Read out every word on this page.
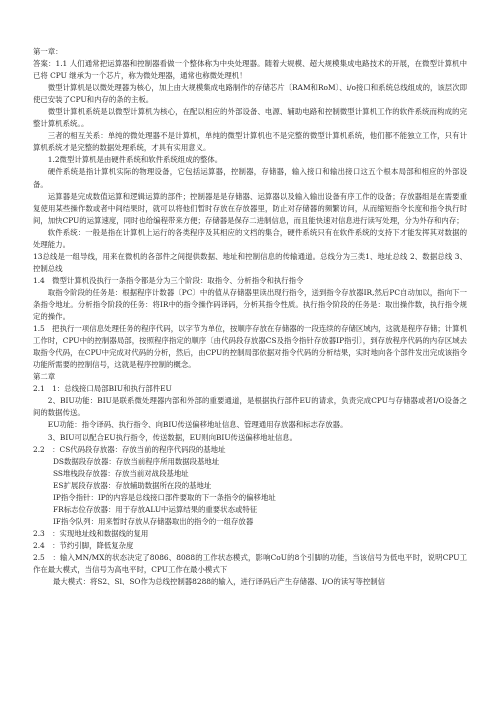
第一章：

答案：1.1 人们通常把运算器和控制器看做一个整体称为中央处理器。随着大规模、超大规模集成电路技术的开展，在微型计算机中已将 CPU 继承为一个芯片，称为微处理器，通常也称微处理机！

微型计算机是以微处理器为核心，加上由大规模集成电路制作的存储芯片〔RAM和RoM〕、i/o接口和系统总线组成的，该层次即使已安装了CPU和内存的条的主板。

微型计算机系统是以微型计算机为核心，在配以相应的外部设备、电源、辅助电路和控制微型计算机工作的软件系统而构成的完整计算机系统。。

三者的相互关系：单纯的微处理器不是计算机，单纯的微型计算机也不是完整的微型计算机系统，他们都不能独立工作，只有计算机系统才是完整的数据处理系统，才具有实用意义。

1.2微型计算机是由硬件系统和软件系统组成的整体。

硬件系统是指计算机实际的物理设备，它包括运算器，控制器，存储器，输入接口和输出接口这五个根本局部和相应的外部设备。

运算器是完成数值运算和逻辑运算的部件；控制器是是存储器、运算器以及输入输出设备有序工作的设备；存放器组是在需要重复使用某些操作数或者中间结果时，就可以将他们暂时存放在存放器里，防止对存储器的频繁访问，从而缩短指令长度和指令执行时间，加快CPU的运算速度，同时也给编程带来方便；存储器是保存二进制信息，而且能快速对信息进行读写处理，分为外存和内存；

软件系统：一般是指在计算机上运行的各类程序及其相应的文档的集合，硬件系统只有在软件系统的支持下才能发挥其对数据的处理能力。

13总线是一组导线，用来在微机的各部件之间提供数据、地址和控制信息的传输通道。总线分为三类1、地址总线 2、数据总线 3、控制总线

1.4　微型计算机没执行一条指令都是分为三个阶段：取指令、分析指令和执行指令

取指令阶段的任务是：根据程序计数器〔PC〕中的值从存储器里读出现行指令，送到指令存放器IR,然后PC自动加以，指向下一条指令地址。分析指令阶段的任务：将IR中的指令操作码译码，分析其指令性质。执行指令阶段的任务是：取出操作数，执行指令规定的操作。

1.5　把执行一项信息处理任务的程序代码，以字节为单位，按顺序存放在存储器的一段连续的存储区域内，这就是程序存储；计算机工作时，CPU中的控制器局部，按照程序指定的顺序〔由代码段存放器CS及指令指针存放器IP指引〕，到存放程序代码的内存区域去取指令代码，在CPU中完成对代码的分析，然后，由CPU的控制局部依据对指令代码的分析结果，实时地向各个部件发出完成该指令功能所需要的控制信号，这就是程序控制的概念。

第二章

2.1　1：总线接口局部BIU和执行部件EU

2、BIU功能：BIU是联系微处理器内部和外部的重要通道，是根据执行部件EU的请求，负责完成CPU与存储器或者I/O设备之间的数据传送。

EU功能：指令译码、执行指令、向BIU传送偏移地址信息、管理通用存放器和标志存放器。

3、BIU可以配合EU执行指令，传送数据，EU则向BIU传送偏移地址信息。

2.2　：CS代码段存放器：存放当前的程序代码段的基地址

DS数据段存放器：存放当前程序所用数据段基地址

SS堆栈段存放器：存放当前对战段基地址

ES扩展段存放器：存放辅助数据所在段的基地址

IP指令指针：IP的内容是总线接口部件要取的下一条指令的偏移地址

FR标志位存放器：用于存放ALU中运算结果的重要状态或特征

IF指令队列：用来暂时存放从存储器取出的指令的一组存放器

2.3　：实现地址线和数据线的复用

2.4　：节约引脚，降低复杂度

2.5　：输入MN/MX的状态决定了8086、8088的工作状态模式，影响CoU的8个引脚的功能，当该信号为低电平时，说明CPU工作在最大模式，当信号为高电平时，CPU工作在最小模式下

最大模式：将S2、Sl、SO作为总线控制器8288的输入，进行译码后产生存储器、I/O的读写等控制信
